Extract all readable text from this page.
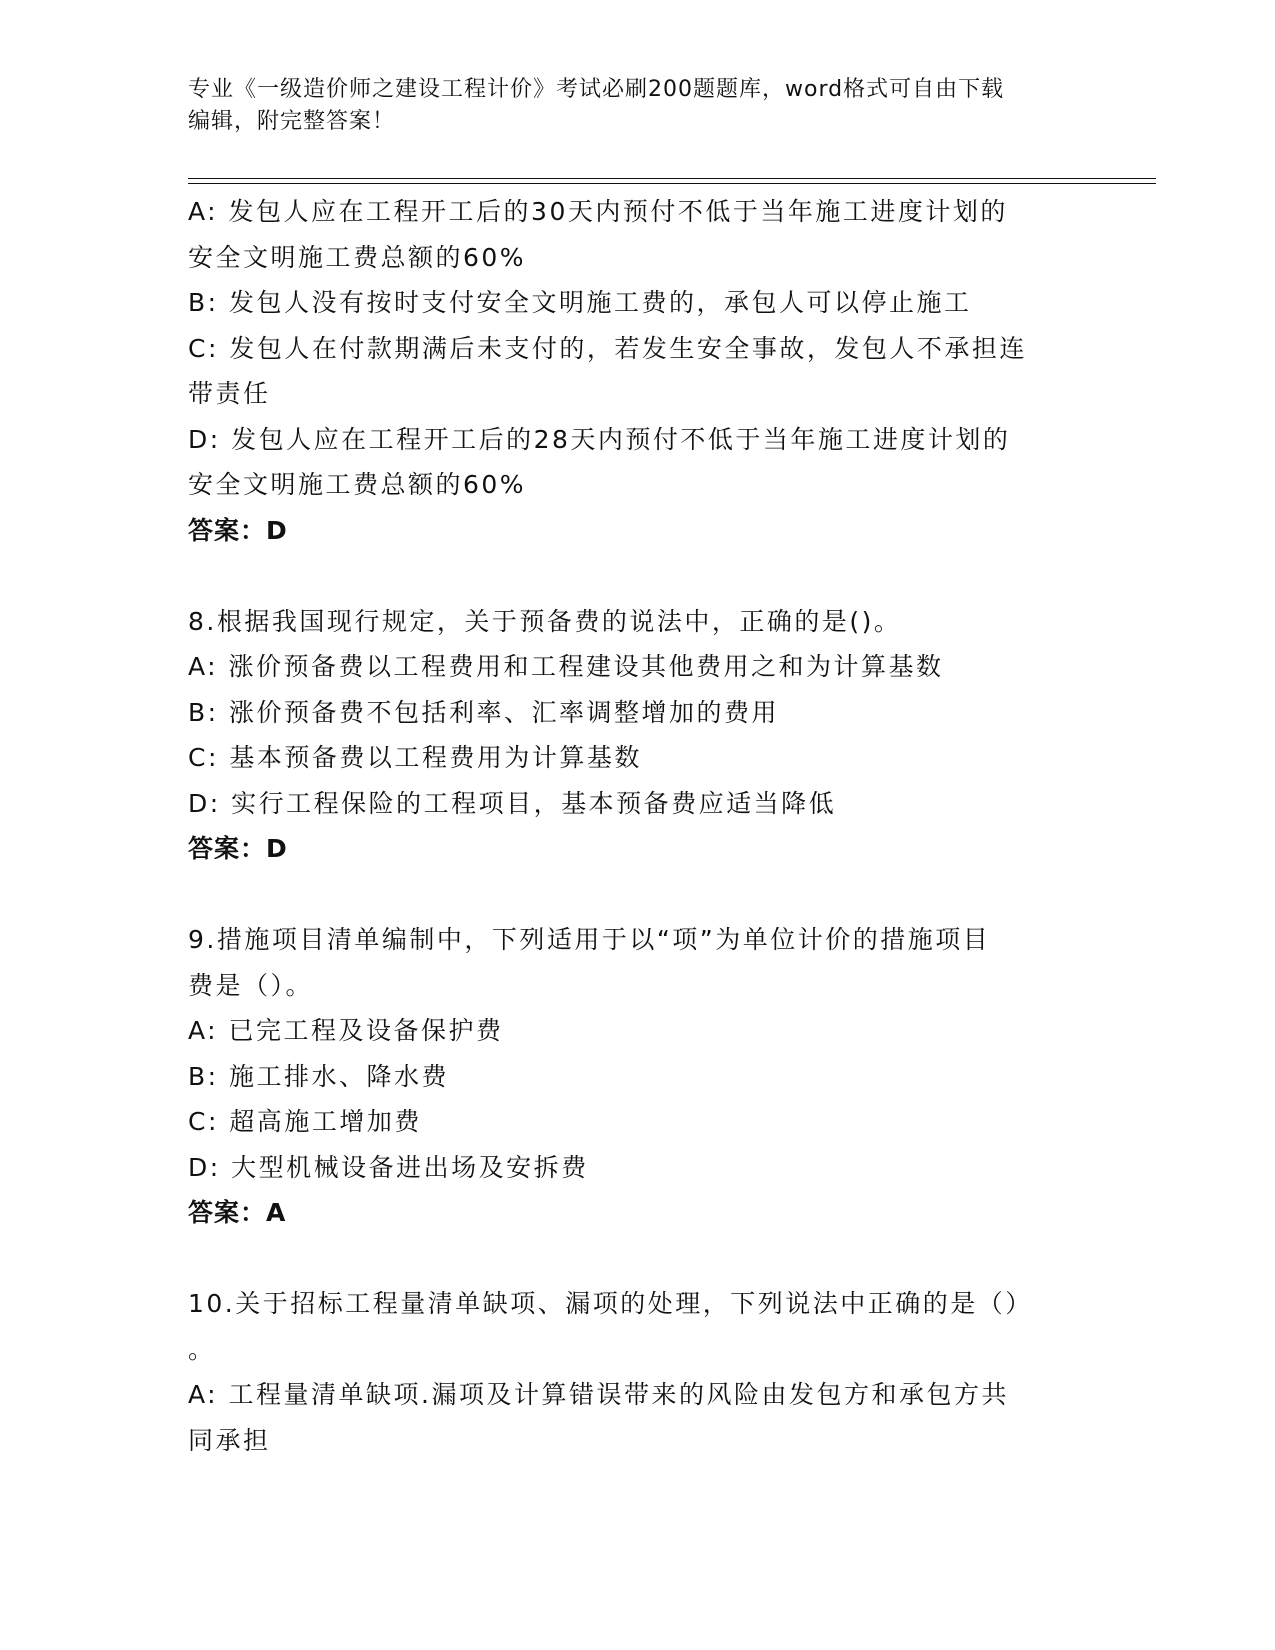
专业《一级造价师之建设工程计价》考试必刷200题题库，word格式可自由下载
编辑，附完整答案！
A: 发包人应在工程开工后的30天内预付不低于当年施工进度计划的
安全文明施工费总额的60%
B: 发包人没有按时支付安全文明施工费的，承包人可以停止施工
C: 发包人在付款期满后未支付的，若发生安全事故，发包人不承担连
带责任
D: 发包人应在工程开工后的28天内预付不低于当年施工进度计划的
安全文明施工费总额的60%
答案：D
8.根据我国现行规定，关于预备费的说法中，正确的是()。
A: 涨价预备费以工程费用和工程建设其他费用之和为计算基数
B: 涨价预备费不包括利率、汇率调整增加的费用
C: 基本预备费以工程费用为计算基数
D: 实行工程保险的工程项目，基本预备费应适当降低
答案：D
9.措施项目清单编制中，下列适用于以“项”为单位计价的措施项目
费是（）。
A: 已完工程及设备保护费
B: 施工排水、降水费
C: 超高施工增加费
D: 大型机械设备进出场及安拆费
答案：A
10.关于招标工程量清单缺项、漏项的处理，下列说法中正确的是（）
。
A: 工程量清单缺项.漏项及计算错误带来的风险由发包方和承包方共
同承担
